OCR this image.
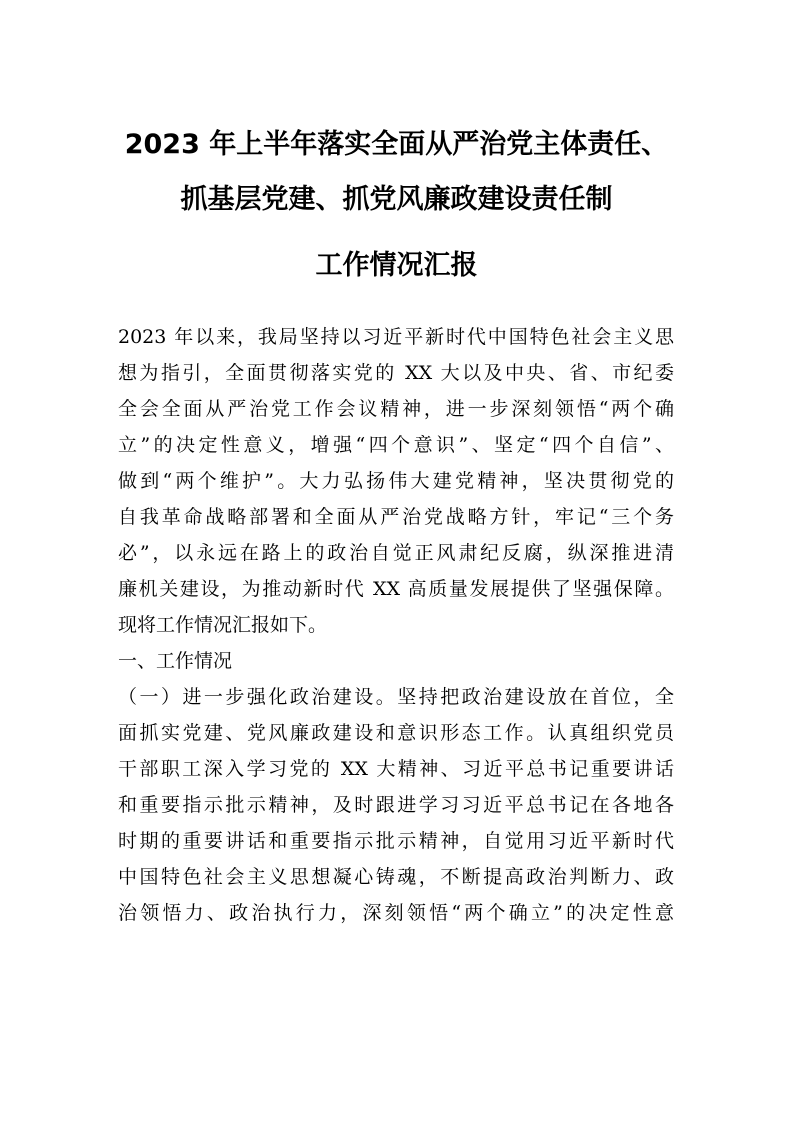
2023 年上半年落实全面从严治党主体责任、
抓基层党建、抓党风廉政建设责任制
工作情况汇报
2023 年以来，我局坚持以习近平新时代中国特色社会主义思
想为指引，全面贯彻落实党的 XX 大以及中央、省、市纪委
全会全面从严治党工作会议精神，进一步深刻领悟“两个确
立”的决定性意义，增强“四个意识”、坚定“四个自信”、
做到“两个维护”。大力弘扬伟大建党精神，坚决贯彻党的
自我革命战略部署和全面从严治党战略方针，牢记“三个务
必”，以永远在路上的政治自觉正风肃纪反腐，纵深推进清
廉机关建设，为推动新时代 XX 高质量发展提供了坚强保障。
现将工作情况汇报如下。
一、工作情况
（一）进一步强化政治建设。坚持把政治建设放在首位，全
面抓实党建、党风廉政建设和意识形态工作。认真组织党员
干部职工深入学习党的 XX 大精神、习近平总书记重要讲话
和重要指示批示精神，及时跟进学习习近平总书记在各地各
时期的重要讲话和重要指示批示精神，自觉用习近平新时代
中国特色社会主义思想凝心铸魂，不断提高政治判断力、政
治领悟力、政治执行力，深刻领悟“两个确立”的决定性意
